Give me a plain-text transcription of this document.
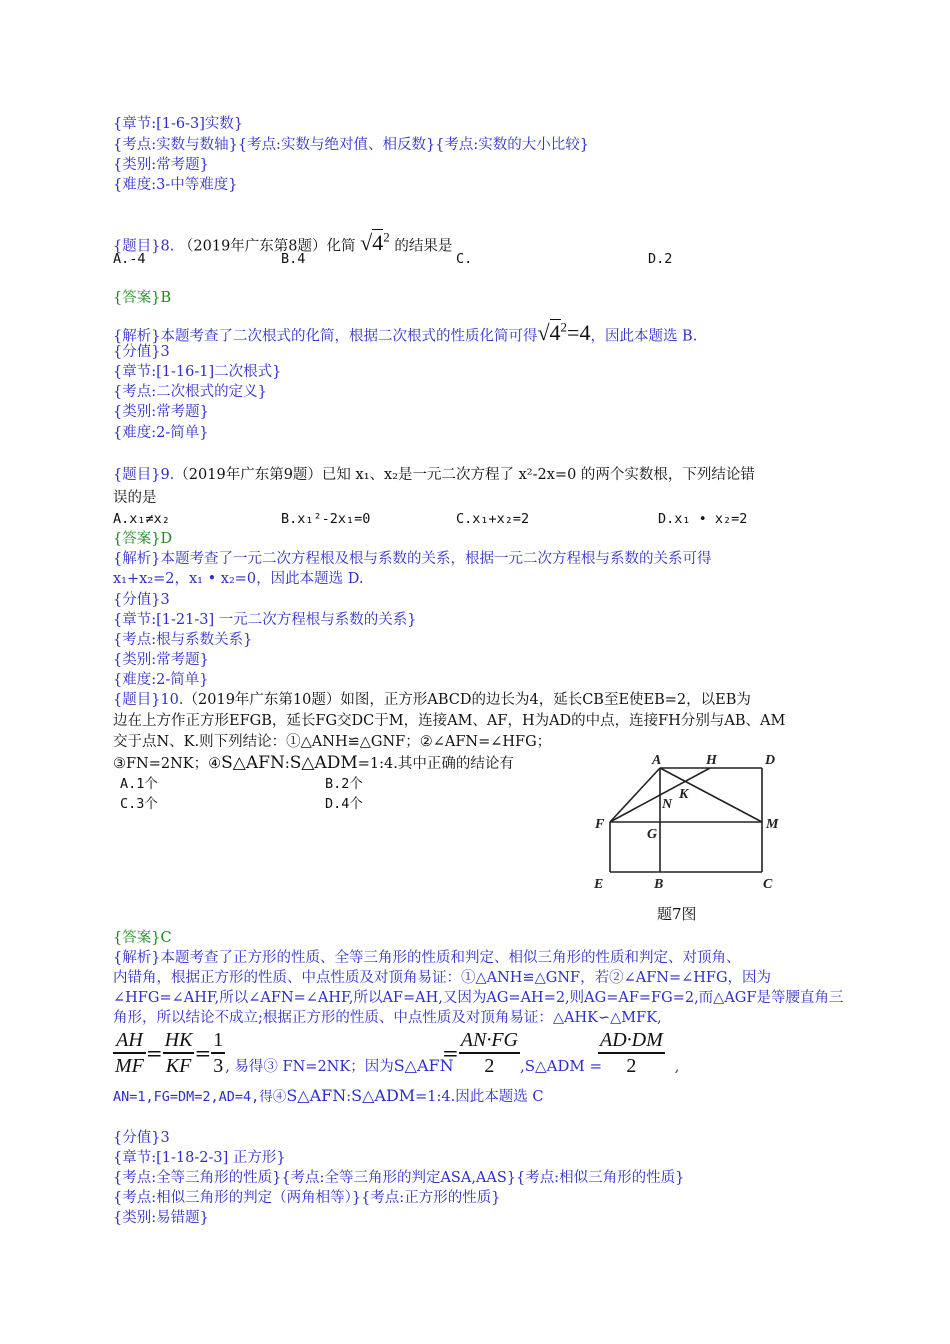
{章节:[1-6-3]实数}
{考点:实数与数轴}{考点:实数与绝对值、相反数}{考点:实数的大小比较}
{类别:常考题}
{难度:3-中等难度}
{题目}8. （2019年广东第8题）化简 $√4^2$ 的结果是
A.-4	B.4	C.	D.2
{答案}B
{解析}本题考查了二次根式的化简，根据二次根式的性质化简可得$√4^2=4$，因此本题选 B.
{分值}3
{章节:[1-16-1]二次根式}
{考点:二次根式的定义}
{类别:常考题}
{难度:2-简单}
{题目}9.（2019年广东第9题）已知 x₁、x₂是一元二次方程了 x²-2x=0 的两个实数根，下列结论错
误的是
A.x₁≠x₂	B.x₁²-2x₁=0	C.x₁+x₂=2	D.x₁ • x₂=2
{答案}D
{解析}本题考查了一元二次方程根及根与系数的关系，根据一元二次方程根与系数的关系可得
x₁+x₂=2，x₁ • x₂=0，因此本题选 D.
{分值}3
{章节:[1-21-3] 一元二次方程根与系数的关系}
{考点:根与系数关系}
{类别:常考题}
{难度:2-简单}
{题目}10.（2019年广东第10题）如图，正方形ABCD的边长为4，延长CB至E使EB=2，以EB为
边在上方作正方形EFGB，延长FG交DC于M，连接AM、AF，H为AD的中点，连接FH分别与AB、AM
交于点N、K.则下列结论：①△ANH≌△GNF；②∠AFN=∠HFG；
③FN=2NK；④S△AFN:S△ADM=1:4.其中正确的结论有
A.1个	B.2个
C.3个	D.4个
A	H	D
N
K
F
G
M
E	B	C
题7图
{答案}C
{解析}本题考查了正方形的性质、全等三角形的性质和判定、相似三角形的性质和判定、对顶角、
内错角，根据正方形的性质、中点性质及对顶角易证：①△ANH≌△GNF，若②∠AFN=∠HFG，因为
∠HFG=∠AHF,所以∠AFN=∠AHF,所以AF=AH,又因为AG=AH=2,则AG=AF=FG=2,而△AGF是等腰直角三
角形，所以结论不成立;根据正方形的性质、中点性质及对顶角易证：△AHK∽△MFK,
$\frac{AH}{MF} = \frac{HK}{KF} = \frac{1}{3}$ , 易得③ FN=2NK；因为S△AFN
= $\frac{AN\cdot FG}{2}$ ,S△ADM =
$\frac{AD\cdot DM}{2}$ ,
AN=1,FG=DM=2,AD=4,得④S△AFN:S△ADM=1:4.因此本题选 C
{分值}3
{章节:[1-18-2-3] 正方形}
{考点:全等三角形的性质}{考点:全等三角形的判定ASA,AAS}{考点:相似三角形的性质}
{考点:相似三角形的判定（两角相等）}{考点:正方形的性质}
{类别:易错题}
